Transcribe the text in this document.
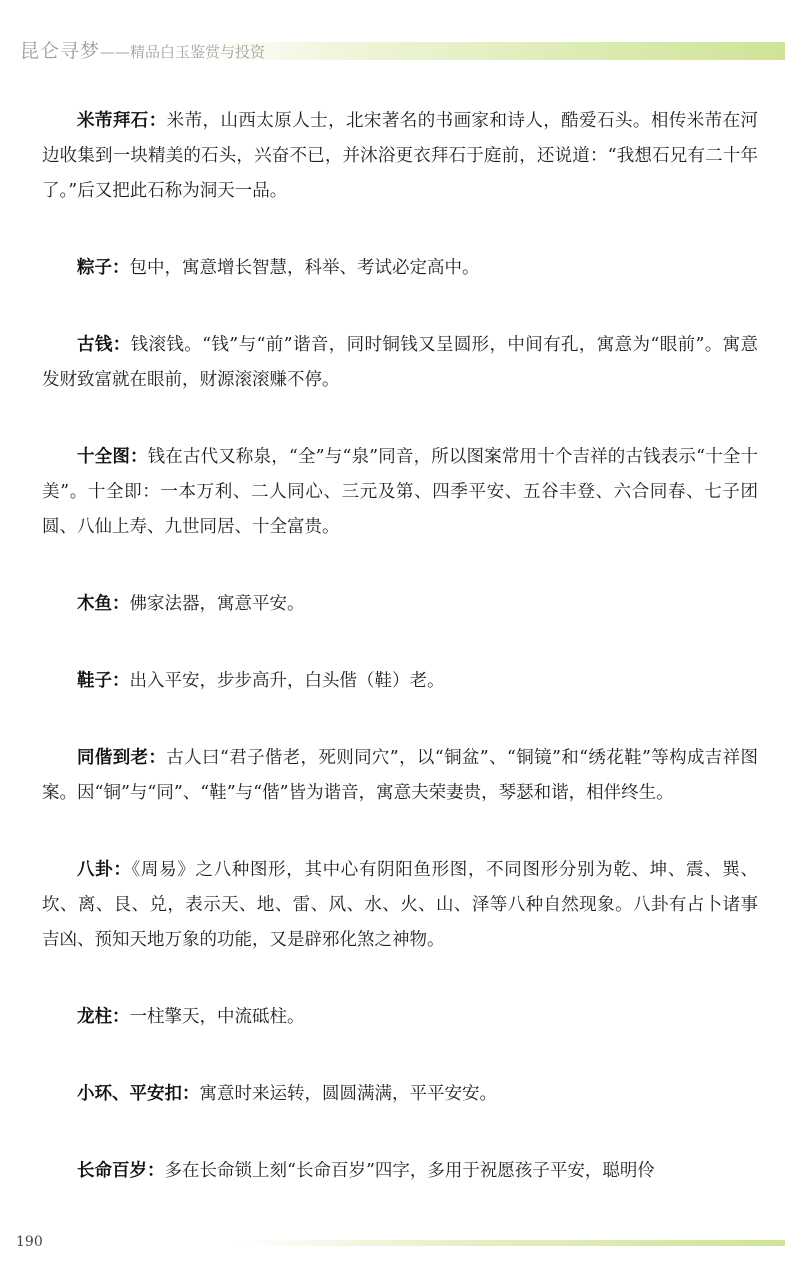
昆仑寻梦——精品白玉鉴赏与投资

米芾拜石：米芾，山西太原人士，北宋著名的书画家和诗人，酷爱石头。相传米芾在河边收集到一块精美的石头，兴奋不已，并沐浴更衣拜石于庭前，还说道：“我想石兄有二十年了。”后又把此石称为洞天一品。

粽子：包中，寓意增长智慧，科举、考试必定高中。

古钱：钱滚钱。“钱”与“前”谐音，同时铜钱又呈圆形，中间有孔，寓意为“眼前”。寓意发财致富就在眼前，财源滚滚赚不停。

十全图：钱在古代又称泉，“全”与“泉”同音，所以图案常用十个吉祥的古钱表示“十全十美”。十全即：一本万利、二人同心、三元及第、四季平安、五谷丰登、六合同春、七子团圆、八仙上寿、九世同居、十全富贵。

木鱼：佛家法器，寓意平安。

鞋子：出入平安，步步高升，白头偕（鞋）老。

同偕到老：古人曰“君子偕老，死则同穴”，以“铜盆”、“铜镜”和“绣花鞋”等构成吉祥图案。因“铜”与“同”、“鞋”与“偕”皆为谐音，寓意夫荣妻贵，琴瑟和谐，相伴终生。

八卦：《周易》之八种图形，其中心有阴阳鱼形图，不同图形分别为乾、坤、震、巽、坎、离、艮、兑，表示天、地、雷、风、水、火、山、泽等八种自然现象。八卦有占卜诸事吉凶、预知天地万象的功能，又是辟邪化煞之神物。

龙柱：一柱擎天，中流砥柱。

小环、平安扣：寓意时来运转，圆圆满满，平平安安。

长命百岁：多在长命锁上刻“长命百岁”四字，多用于祝愿孩子平安，聪明伶

190
